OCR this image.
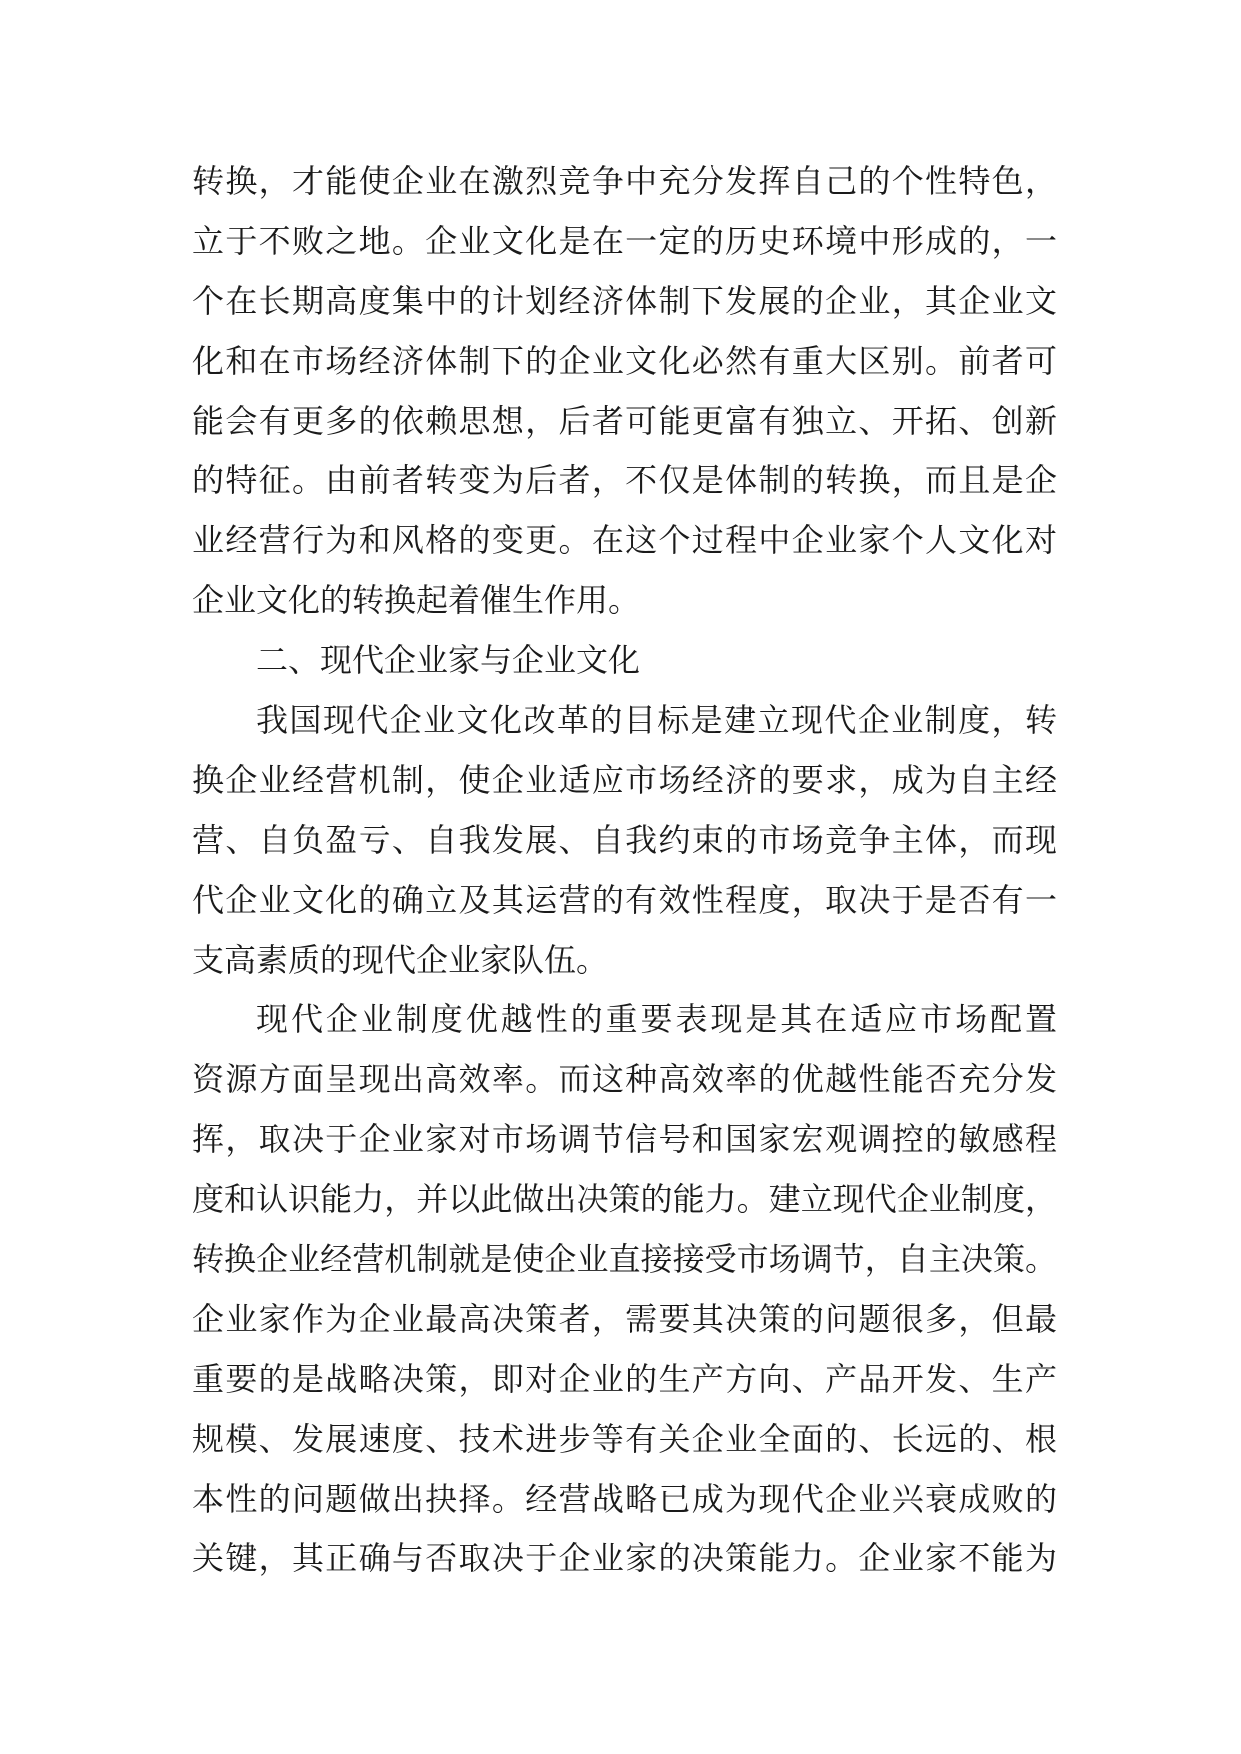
转换，才能使企业在激烈竞争中充分发挥自己的个性特色，
立于不败之地。企业文化是在一定的历史环境中形成的，一
个在长期高度集中的计划经济体制下发展的企业，其企业文
化和在市场经济体制下的企业文化必然有重大区别。前者可
能会有更多的依赖思想，后者可能更富有独立、开拓、创新
的特征。由前者转变为后者，不仅是体制的转换，而且是企
业经营行为和风格的变更。在这个过程中企业家个人文化对
企业文化的转换起着催生作用。
二、现代企业家与企业文化
我国现代企业文化改革的目标是建立现代企业制度，转
换企业经营机制，使企业适应市场经济的要求，成为自主经
营、自负盈亏、自我发展、自我约束的市场竞争主体，而现
代企业文化的确立及其运营的有效性程度，取决于是否有一
支高素质的现代企业家队伍。
现代企业制度优越性的重要表现是其在适应市场配置
资源方面呈现出高效率。而这种高效率的优越性能否充分发
挥，取决于企业家对市场调节信号和国家宏观调控的敏感程
度和认识能力，并以此做出决策的能力。建立现代企业制度，
转换企业经营机制就是使企业直接接受市场调节，自主决策。
企业家作为企业最高决策者，需要其决策的问题很多，但最
重要的是战略决策，即对企业的生产方向、产品开发、生产
规模、发展速度、技术进步等有关企业全面的、长远的、根
本性的问题做出抉择。经营战略已成为现代企业兴衰成败的
关键，其正确与否取决于企业家的决策能力。企业家不能为
